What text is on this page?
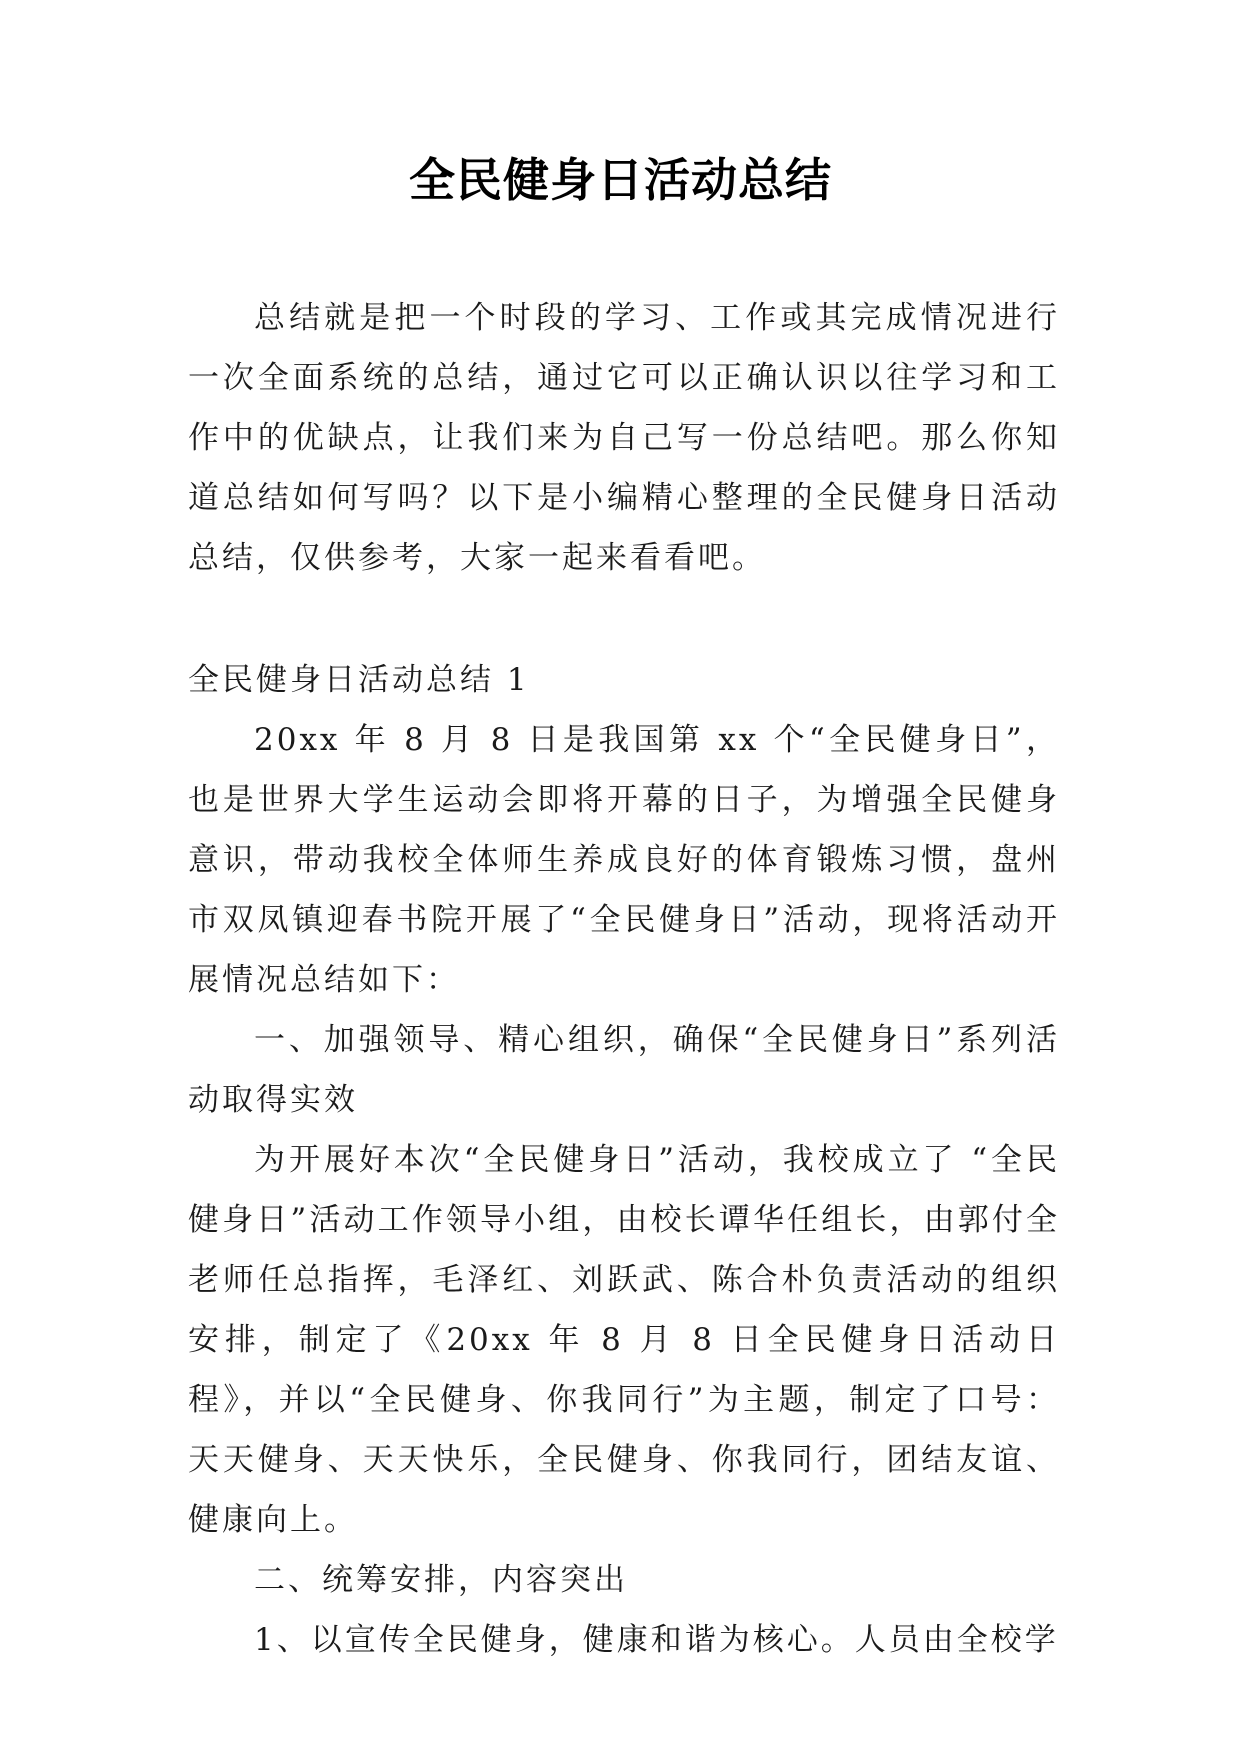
全民健身日活动总结

总结就是把一个时段的学习、工作或其完成情况进行一次全面系统的总结，通过它可以正确认识以往学习和工作中的优缺点，让我们来为自己写一份总结吧。那么你知道总结如何写吗？以下是小编精心整理的全民健身日活动总结，仅供参考，大家一起来看看吧。

全民健身日活动总结 1

20xx 年 8 月 8 日是我国第 xx 个“全民健身日”，也是世界大学生运动会即将开幕的日子，为增强全民健身意识，带动我校全体师生养成良好的体育锻炼习惯，盘州市双凤镇迎春书院开展了“全民健身日”活动，现将活动开展情况总结如下：

一、加强领导、精心组织，确保“全民健身日”系列活动取得实效

为开展好本次“全民健身日”活动，我校成立了 “全民健身日”活动工作领导小组，由校长谭华任组长，由郭付全老师任总指挥，毛泽红、刘跃武、陈合朴负责活动的组织安排，制定了《20xx 年 8 月 8 日全民健身日活动日程》，并以“全民健身、你我同行”为主题，制定了口号：天天健身、天天快乐，全民健身、你我同行，团结友谊、健康向上。

二、统筹安排，内容突出

1、以宣传全民健身，健康和谐为核心。人员由全校学
